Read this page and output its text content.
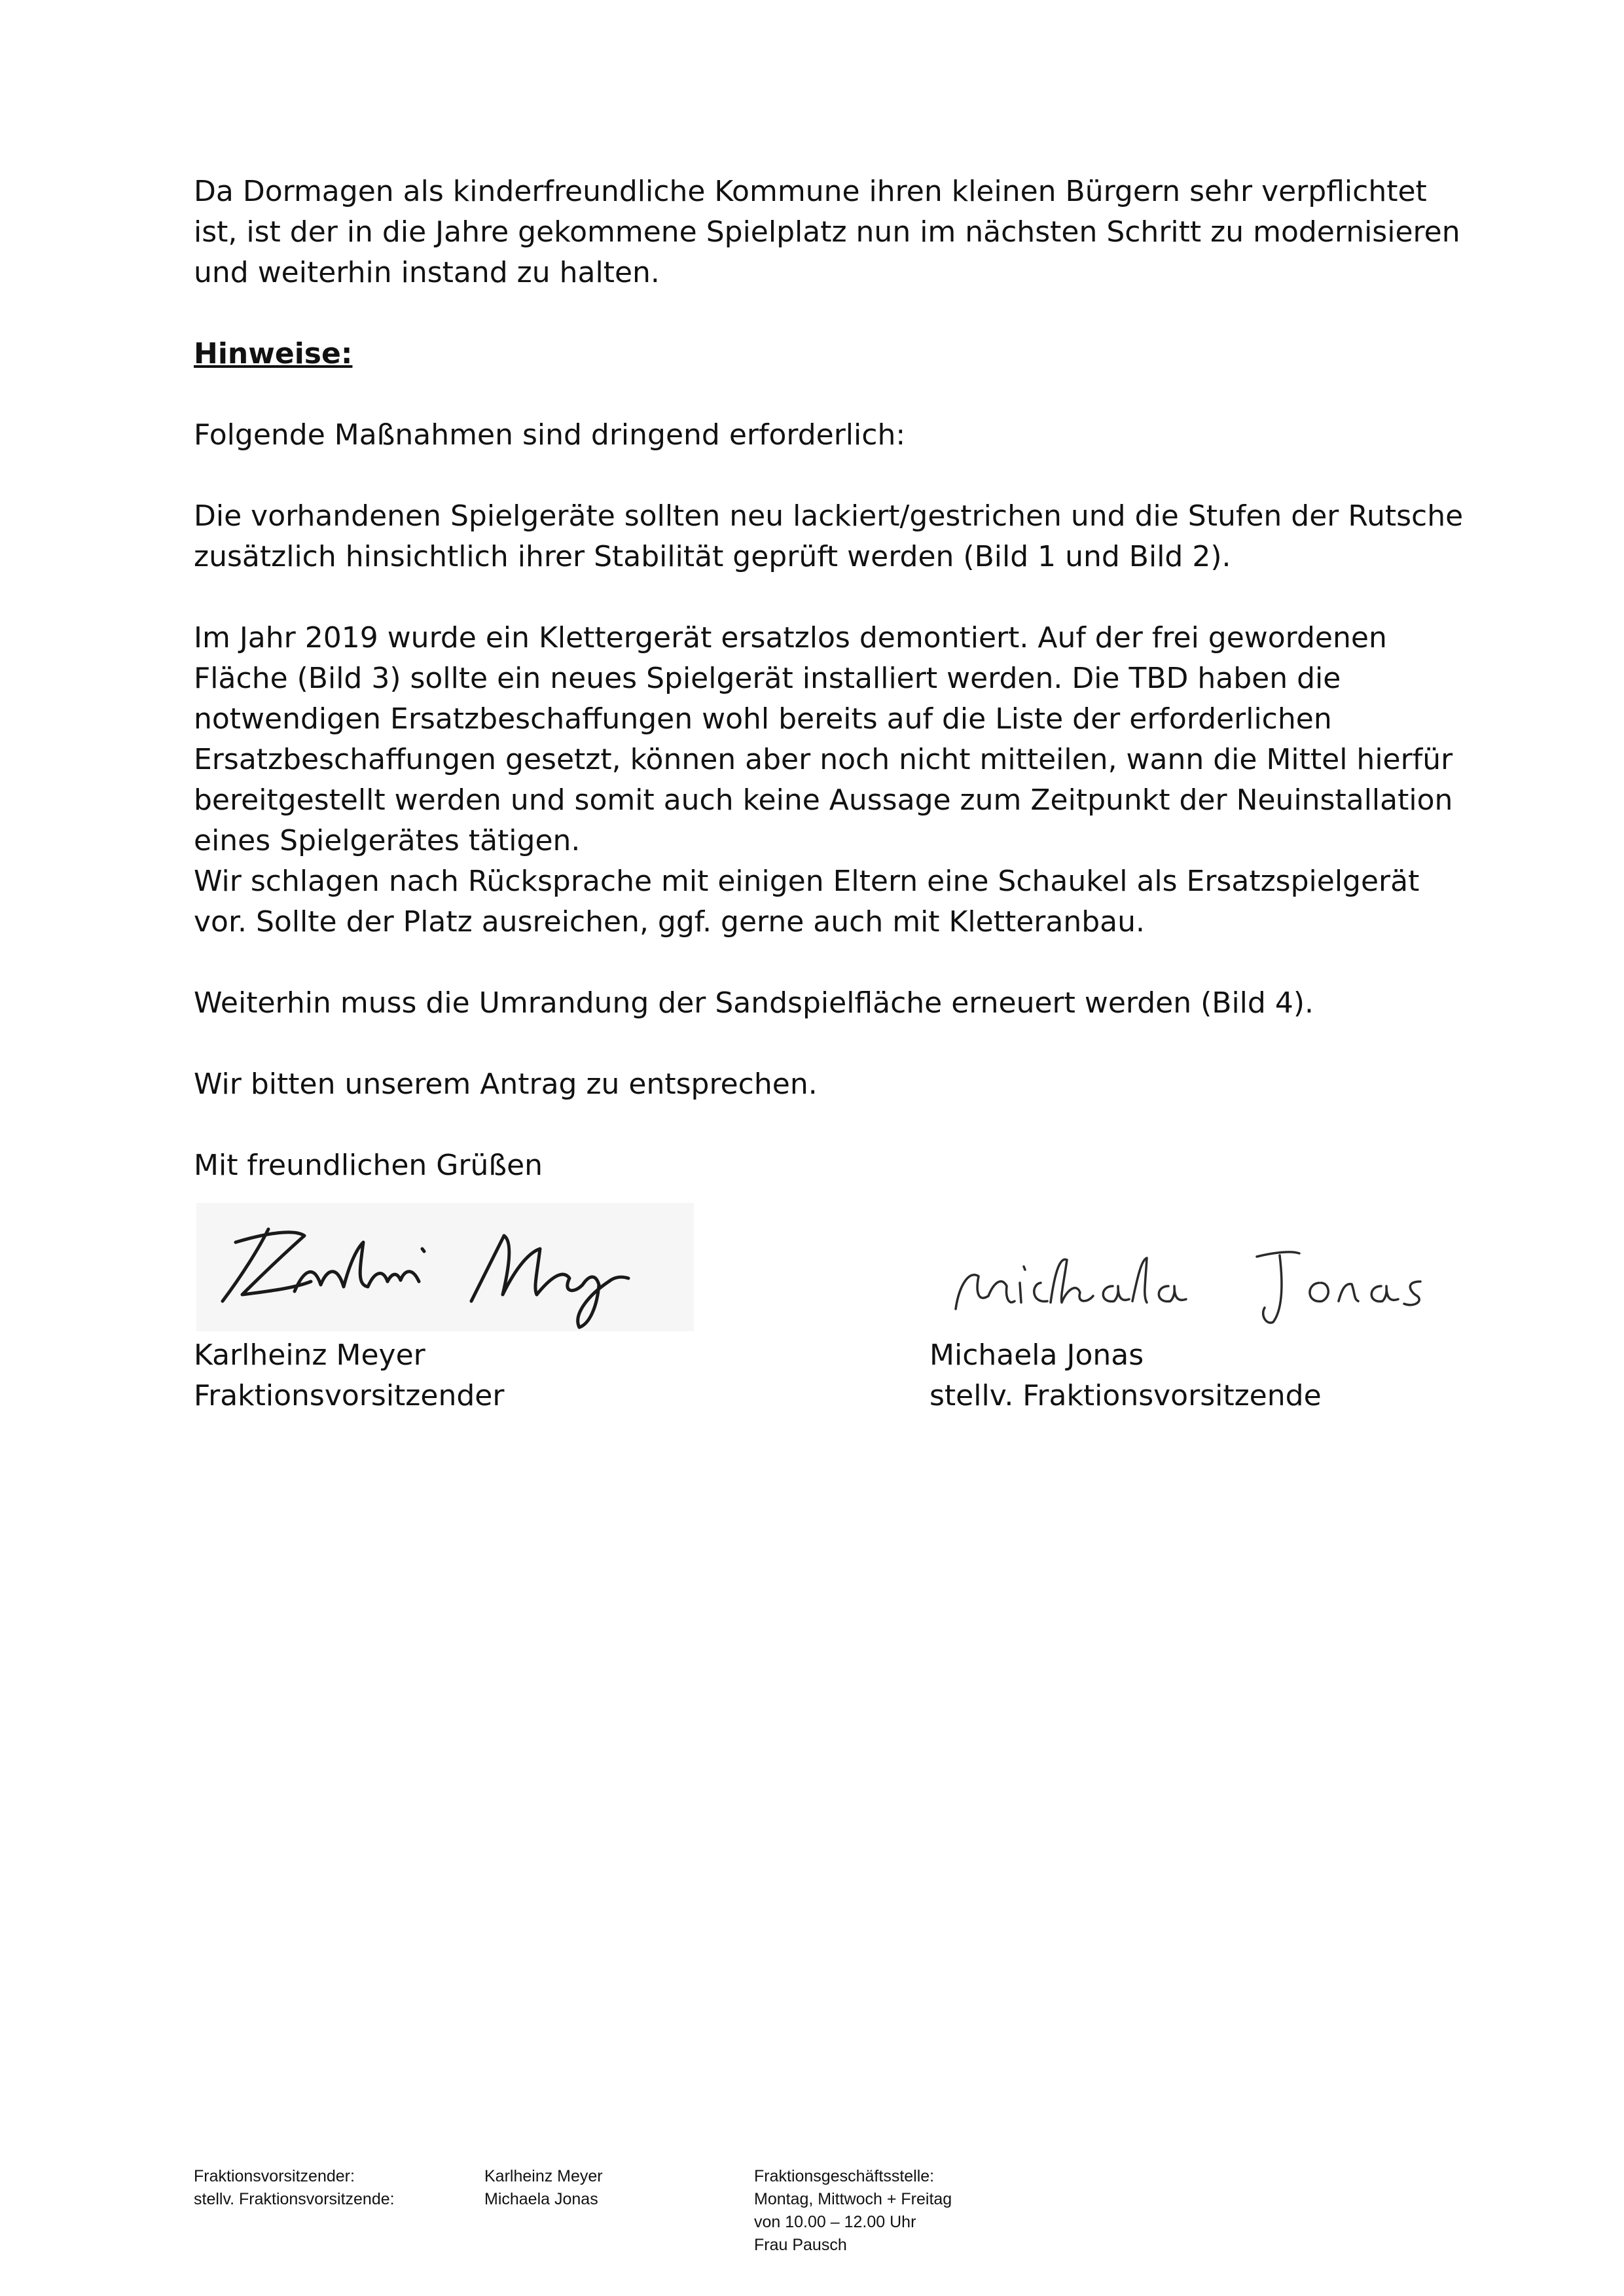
Da Dormagen als kinderfreundliche Kommune ihren kleinen Bürgern sehr verpflichtet ist, ist der in die Jahre gekommene Spielplatz nun im nächsten Schritt zu modernisieren und weiterhin instand zu halten.

Hinweise:

Folgende Maßnahmen sind dringend erforderlich:

Die vorhandenen Spielgeräte sollten neu lackiert/gestrichen und die Stufen der Rutsche zusätzlich hinsichtlich ihrer Stabilität geprüft werden (Bild 1 und Bild 2).

Im Jahr 2019 wurde ein Klettergerät ersatzlos demontiert. Auf der frei gewordenen Fläche (Bild 3) sollte ein neues Spielgerät installiert werden. Die TBD haben die notwendigen Ersatzbeschaffungen wohl bereits auf die Liste der erforderlichen Ersatzbeschaffungen gesetzt, können aber noch nicht mitteilen, wann die Mittel hierfür bereitgestellt werden und somit auch keine Aussage zum Zeitpunkt der Neuinstallation eines Spielgerätes tätigen.

Wir schlagen nach Rücksprache mit einigen Eltern eine Schaukel als Ersatzspielgerät vor. Sollte der Platz ausreichen, ggf. gerne auch mit Kletteranbau.

Weiterhin muss die Umrandung der Sandspielfläche erneuert werden (Bild 4).

Wir bitten unserem Antrag zu entsprechen.

Mit freundlichen Grüßen

Karlheinz Meyer
Fraktionsvorsitzender
Michaela Jonas
stellv. Fraktionsvorsitzende
Fraktionsvorsitzender:
stellv. Fraktionsvorsitzende:
Karlheinz Meyer
Michaela Jonas
Fraktionsgeschäftsstelle:
Montag, Mittwoch + Freitag
von 10.00 – 12.00 Uhr
Frau Pausch
